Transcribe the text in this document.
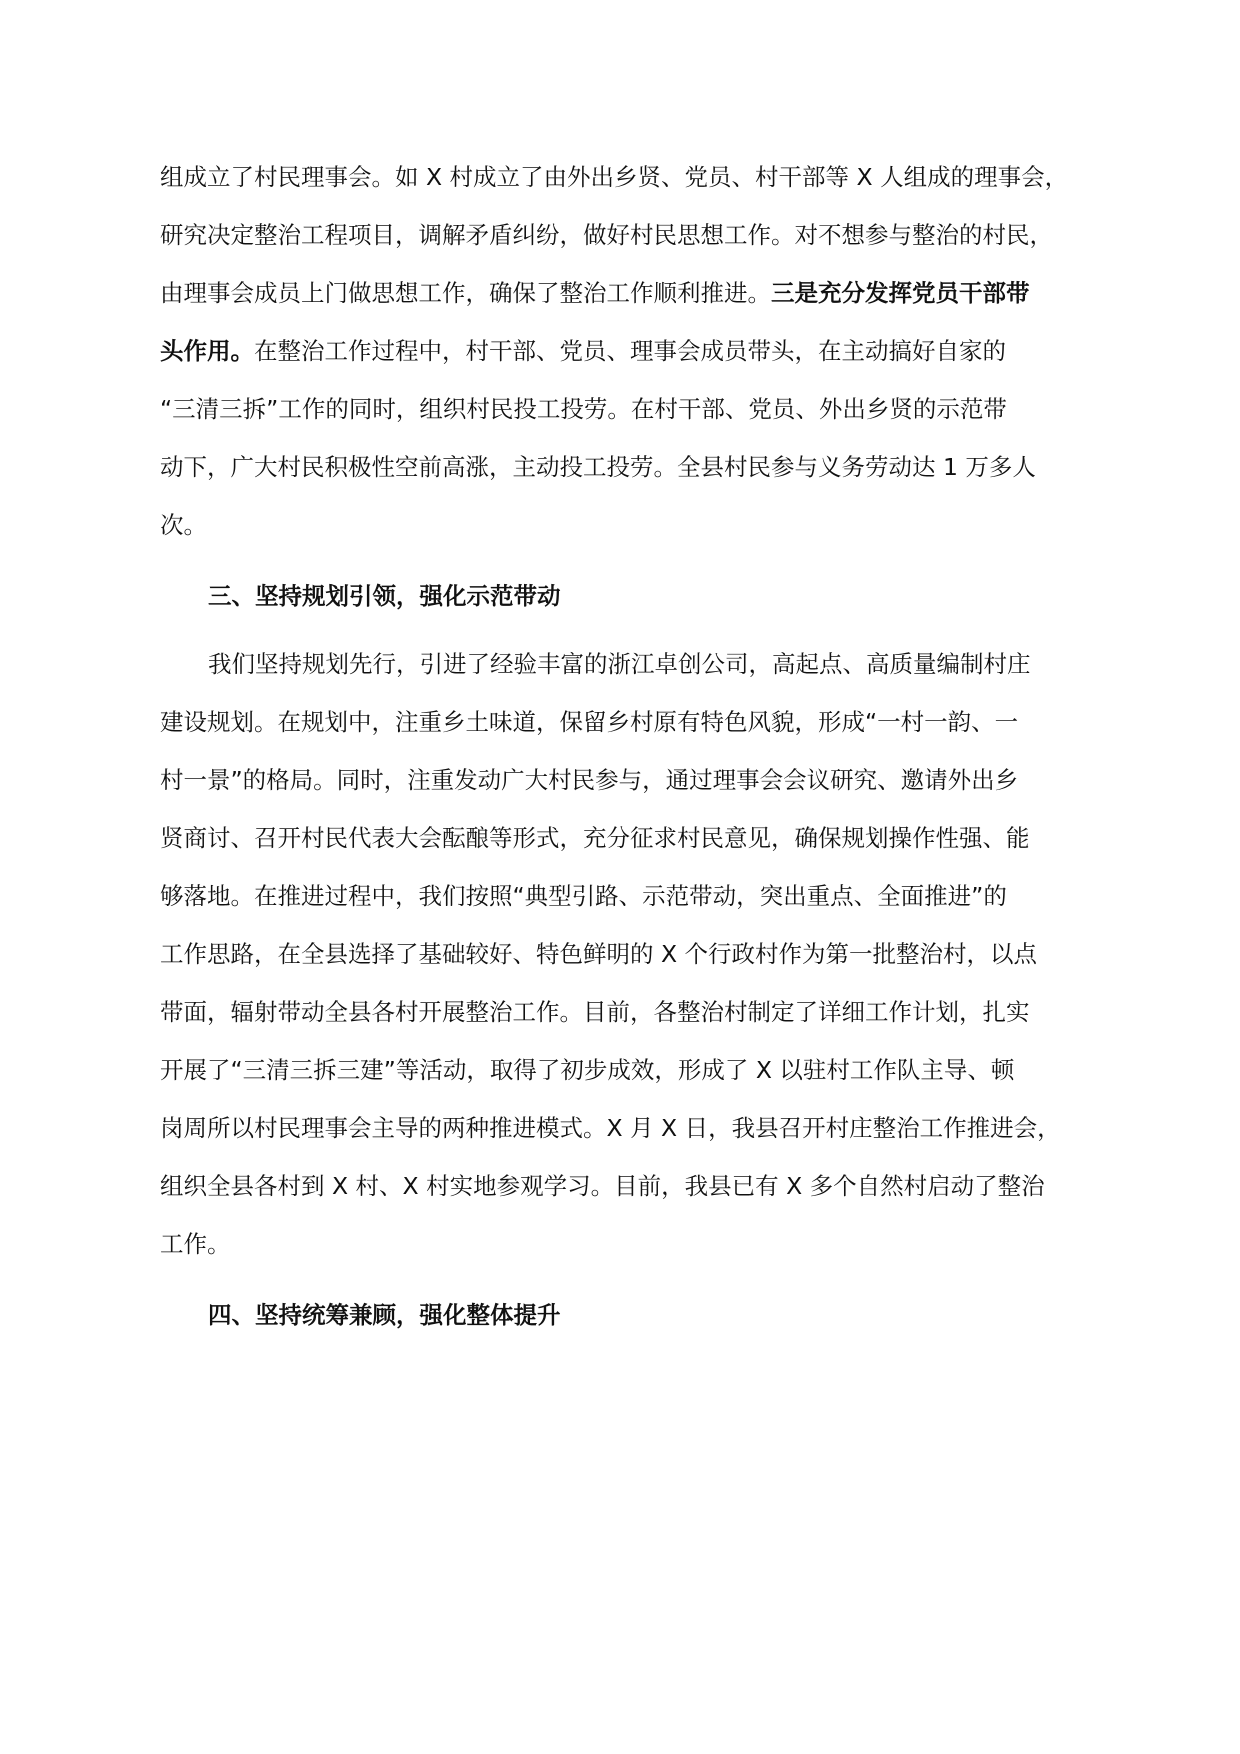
组成立了村民理事会。如 X 村成立了由外出乡贤、党员、村干部等 X 人组成的理事会，
研究决定整治工程项目，调解矛盾纠纷，做好村民思想工作。对不想参与整治的村民，
由理事会成员上门做思想工作，确保了整治工作顺利推进。三是充分发挥党员干部带
头作用。在整治工作过程中，村干部、党员、理事会成员带头，在主动搞好自家的
“三清三拆”工作的同时，组织村民投工投劳。在村干部、党员、外出乡贤的示范带
动下，广大村民积极性空前高涨，主动投工投劳。全县村民参与义务劳动达 1 万多人
次。
三、坚持规划引领，强化示范带动
我们坚持规划先行，引进了经验丰富的浙江卓创公司，高起点、高质量编制村庄
建设规划。在规划中，注重乡土味道，保留乡村原有特色风貌，形成“一村一韵、一
村一景”的格局。同时，注重发动广大村民参与，通过理事会会议研究、邀请外出乡
贤商讨、召开村民代表大会酝酿等形式，充分征求村民意见，确保规划操作性强、能
够落地。在推进过程中，我们按照“典型引路、示范带动，突出重点、全面推进”的
工作思路，在全县选择了基础较好、特色鲜明的 X 个行政村作为第一批整治村，以点
带面，辐射带动全县各村开展整治工作。目前，各整治村制定了详细工作计划，扎实
开展了“三清三拆三建”等活动，取得了初步成效，形成了 X 以驻村工作队主导、顿
岗周所以村民理事会主导的两种推进模式。X 月 X 日，我县召开村庄整治工作推进会，
组织全县各村到 X 村、X 村实地参观学习。目前，我县已有 X 多个自然村启动了整治
工作。
四、坚持统筹兼顾，强化整体提升
